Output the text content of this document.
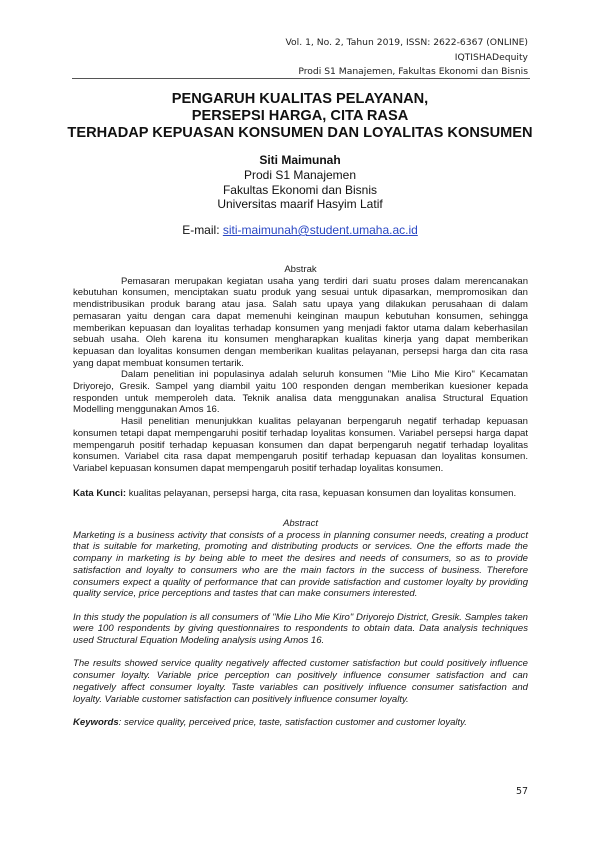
Vol. 1, No. 2, Tahun 2019, ISSN: 2622-6367 (ONLINE)
IQTISHADequity
Prodi S1 Manajemen, Fakultas Ekonomi dan Bisnis
PENGARUH KUALITAS PELAYANAN,
PERSEPSI HARGA, CITA RASA
TERHADAP KEPUASAN KONSUMEN DAN LOYALITAS KONSUMEN
Siti Maimunah
Prodi S1 Manajemen
Fakultas Ekonomi dan Bisnis
Universitas maarif Hasyim Latif
E-mail: siti-maimunah@student.umaha.ac.id
Abstrak

Pemasaran merupakan kegiatan usaha yang terdiri dari suatu proses dalam merencanakan kebutuhan konsumen, menciptakan suatu produk yang sesuai untuk dipasarkan, mempromosikan dan mendistribusikan produk barang atau jasa. Salah satu upaya yang dilakukan perusahaan di dalam pemasaran yaitu dengan cara dapat memenuhi keinginan maupun kebutuhan konsumen, sehingga memberikan kepuasan dan loyalitas terhadap konsumen yang menjadi faktor utama dalam keberhasilan sebuah usaha. Oleh karena itu konsumen mengharapkan kualitas kinerja yang dapat memberikan kepuasan dan loyalitas konsumen dengan memberikan kualitas pelayanan, persepsi harga dan cita rasa yang dapat membuat konsumen tertarik.

Dalam penelitian ini populasinya adalah seluruh konsumen "Mie Liho Mie Kiro" Kecamatan Driyorejo, Gresik. Sampel yang diambil yaitu 100 responden dengan memberikan kuesioner kepada responden untuk memperoleh data. Teknik analisa data menggunakan analisa Structural Equation Modelling menggunakan Amos 16.

Hasil penelitian menunjukkan kualitas pelayanan berpengaruh negatif terhadap kepuasan konsumen tetapi dapat mempengaruhi positif terhadap loyalitas konsumen. Variabel persepsi harga dapat mempengaruh positif terhadap kepuasan konsumen dan dapat berpengaruh negatif terhadap loyalitas konsumen. Variabel cita rasa dapat mempengaruh positif terhadap kepuasan dan loyalitas konsumen. Variabel kepuasan konsumen dapat mempengaruh positif terhadap loyalitas konsumen.

Kata Kunci: kualitas pelayanan, persepsi harga, cita rasa, kepuasan konsumen dan loyalitas konsumen.
Abstract

Marketing is a business activity that consists of a process in planning consumer needs, creating a product that is suitable for marketing, promoting and distributing products or services. One the efforts made the company in marketing is by being able to meet the desires and needs of consumers, so as to provide satisfaction and loyalty to consumers who are the main factors in the success of business. Therefore consumers expect a quality of performance that can provide satisfaction and customer loyalty by providing quality service, price perceptions and tastes that can make consumers interested.

In this study the population is all consumers of "Mie Liho Mie Kiro" Driyorejo District, Gresik. Samples taken were 100 respondents by giving questionnaires to respondents to obtain data. Data analysis techniques used Structural Equation Modeling analysis using Amos 16.

The results showed service quality negatively affected customer satisfaction but could positively influence consumer loyalty. Variable price perception can positively influence consumer satisfaction and can negatively affect consumer loyalty. Taste variables can positively influence consumer satisfaction and loyalty. Variable customer satisfaction can positively influence consumer loyalty.

Keywords: service quality, perceived price, taste, satisfaction customer and customer loyalty.

57
